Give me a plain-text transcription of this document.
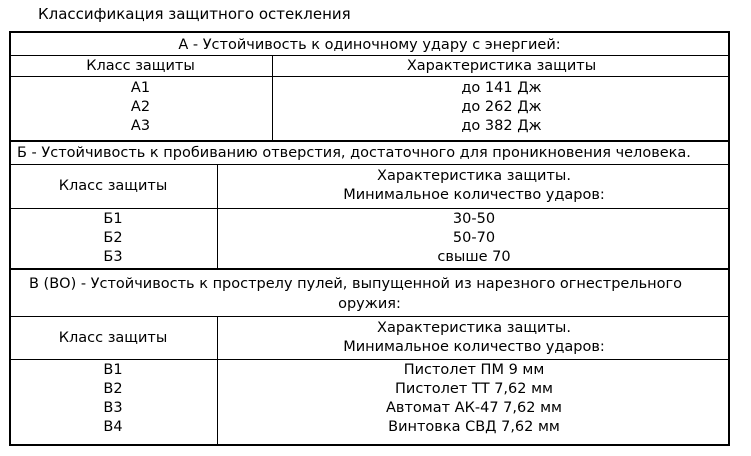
Классификация защитного остекления
А - Устойчивость к одиночному удару с энергией:
Класс защиты	Характеристика защиты
А1
А2
А3
до 141 Дж
до 262 Дж
до 382 Дж
Б - Устойчивость к пробиванию отверстия, достаточного для проникновения человека.
Класс защиты
Характеристика защиты.
Минимальное количество ударов:
Б1
Б2
Б3
30-50
50-70
свыше 70
В (ВО) - Устойчивость к прострелу пулей, выпущенной из нарезного огнестрельного
оружия:
Класс защиты
Характеристика защиты.
Минимальное количество ударов:
В1
В2
В3
В4
Пистолет ПМ 9 мм
Пистолет ТТ 7,62 мм
Автомат АК-47 7,62 мм
Винтовка СВД 7,62 мм
